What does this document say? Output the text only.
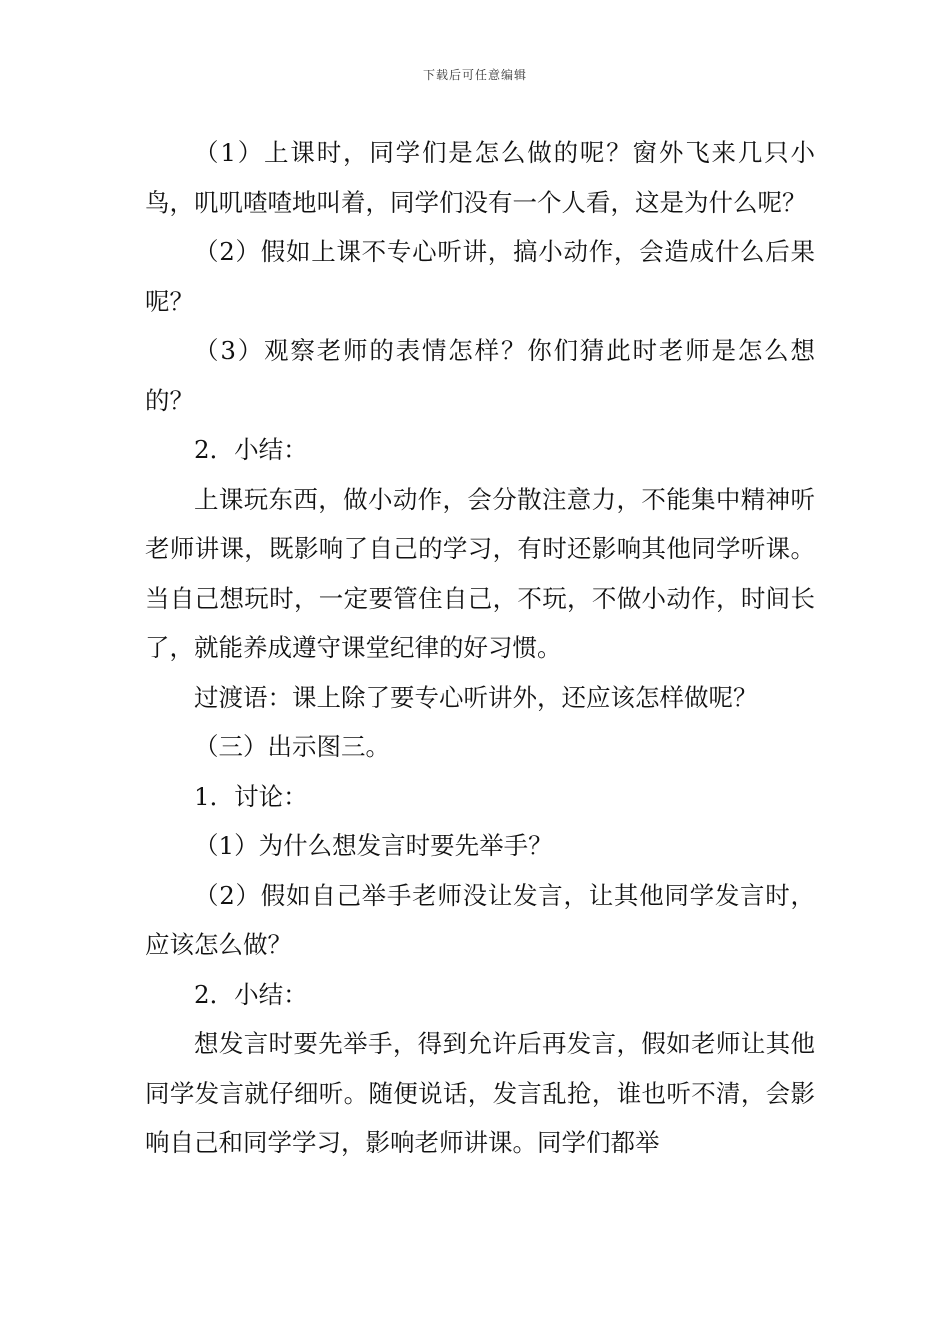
下载后可任意编辑

（1）上课时，同学们是怎么做的呢？窗外飞来几只小鸟，叽叽喳喳地叫着，同学们没有一个人看，这是为什么呢？

（2）假如上课不专心听讲，搞小动作，会造成什么后果呢？

（3）观察老师的表情怎样？你们猜此时老师是怎么想的？

2．小结：

上课玩东西，做小动作，会分散注意力，不能集中精神听老师讲课，既影响了自己的学习，有时还影响其他同学听课。当自己想玩时，一定要管住自己，不玩，不做小动作，时间长了，就能养成遵守课堂纪律的好习惯。

过渡语：课上除了要专心听讲外，还应该怎样做呢？

（三）出示图三。

1．讨论：

（1）为什么想发言时要先举手？

（2）假如自己举手老师没让发言，让其他同学发言时，应该怎么做？

2．小结：

想发言时要先举手，得到允许后再发言，假如老师让其他同学发言就仔细听。随便说话，发言乱抢，谁也听不清，会影响自己和同学学习，影响老师讲课。同学们都举
